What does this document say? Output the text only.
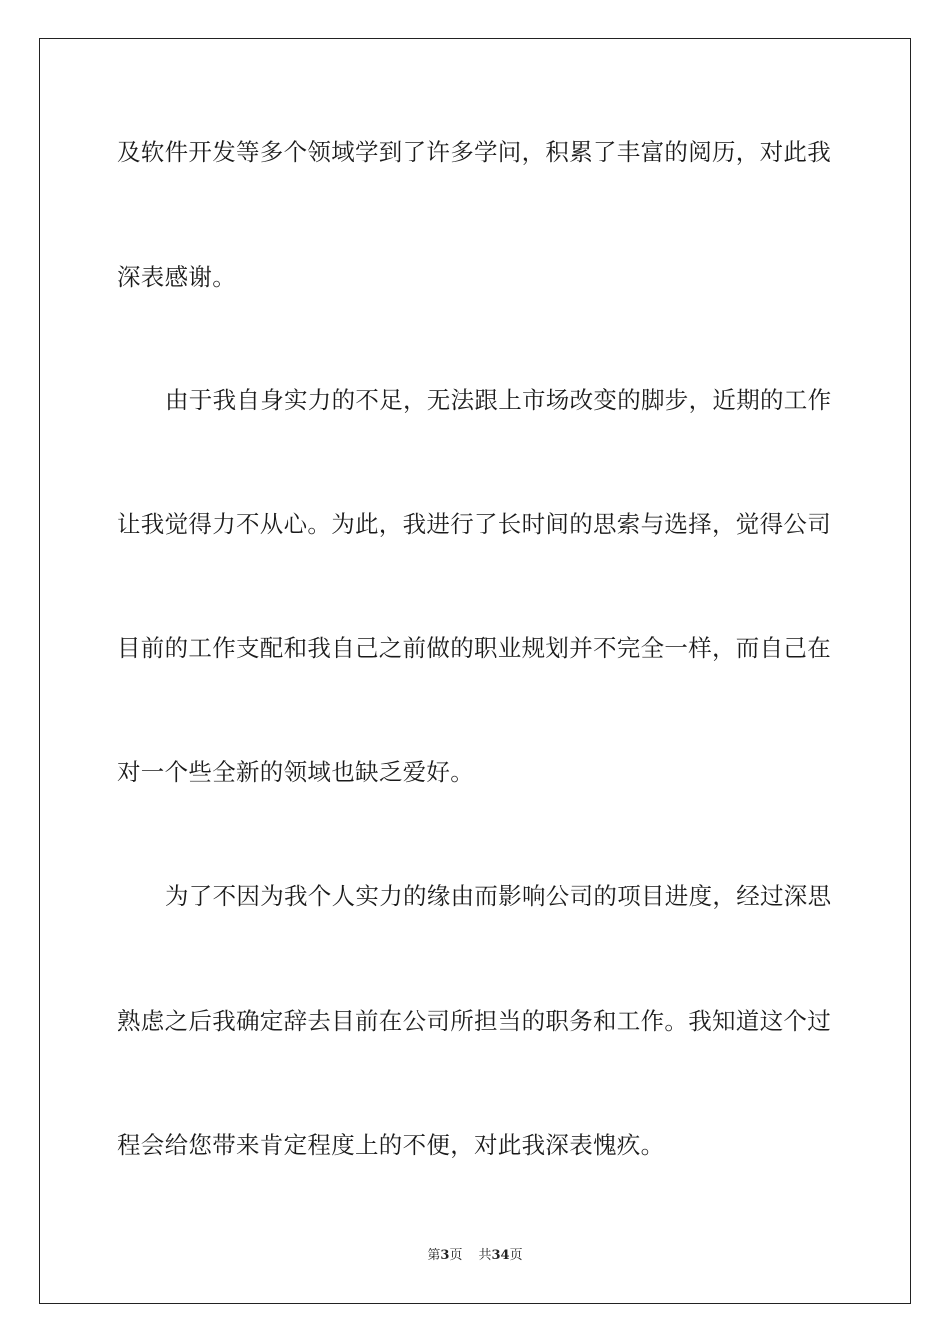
及软件开发等多个领域学到了许多学问，积累了丰富的阅历，对此我
深表感谢。
由于我自身实力的不足，无法跟上市场改变的脚步，近期的工作
让我觉得力不从心。为此，我进行了长时间的思索与选择，觉得公司
目前的工作支配和我自己之前做的职业规划并不完全一样，而自己在
对一个些全新的领域也缺乏爱好。
为了不因为我个人实力的缘由而影响公司的项目进度，经过深思
熟虑之后我确定辞去目前在公司所担当的职务和工作。我知道这个过
程会给您带来肯定程度上的不便，对此我深表愧疚。
第3页 共34页
